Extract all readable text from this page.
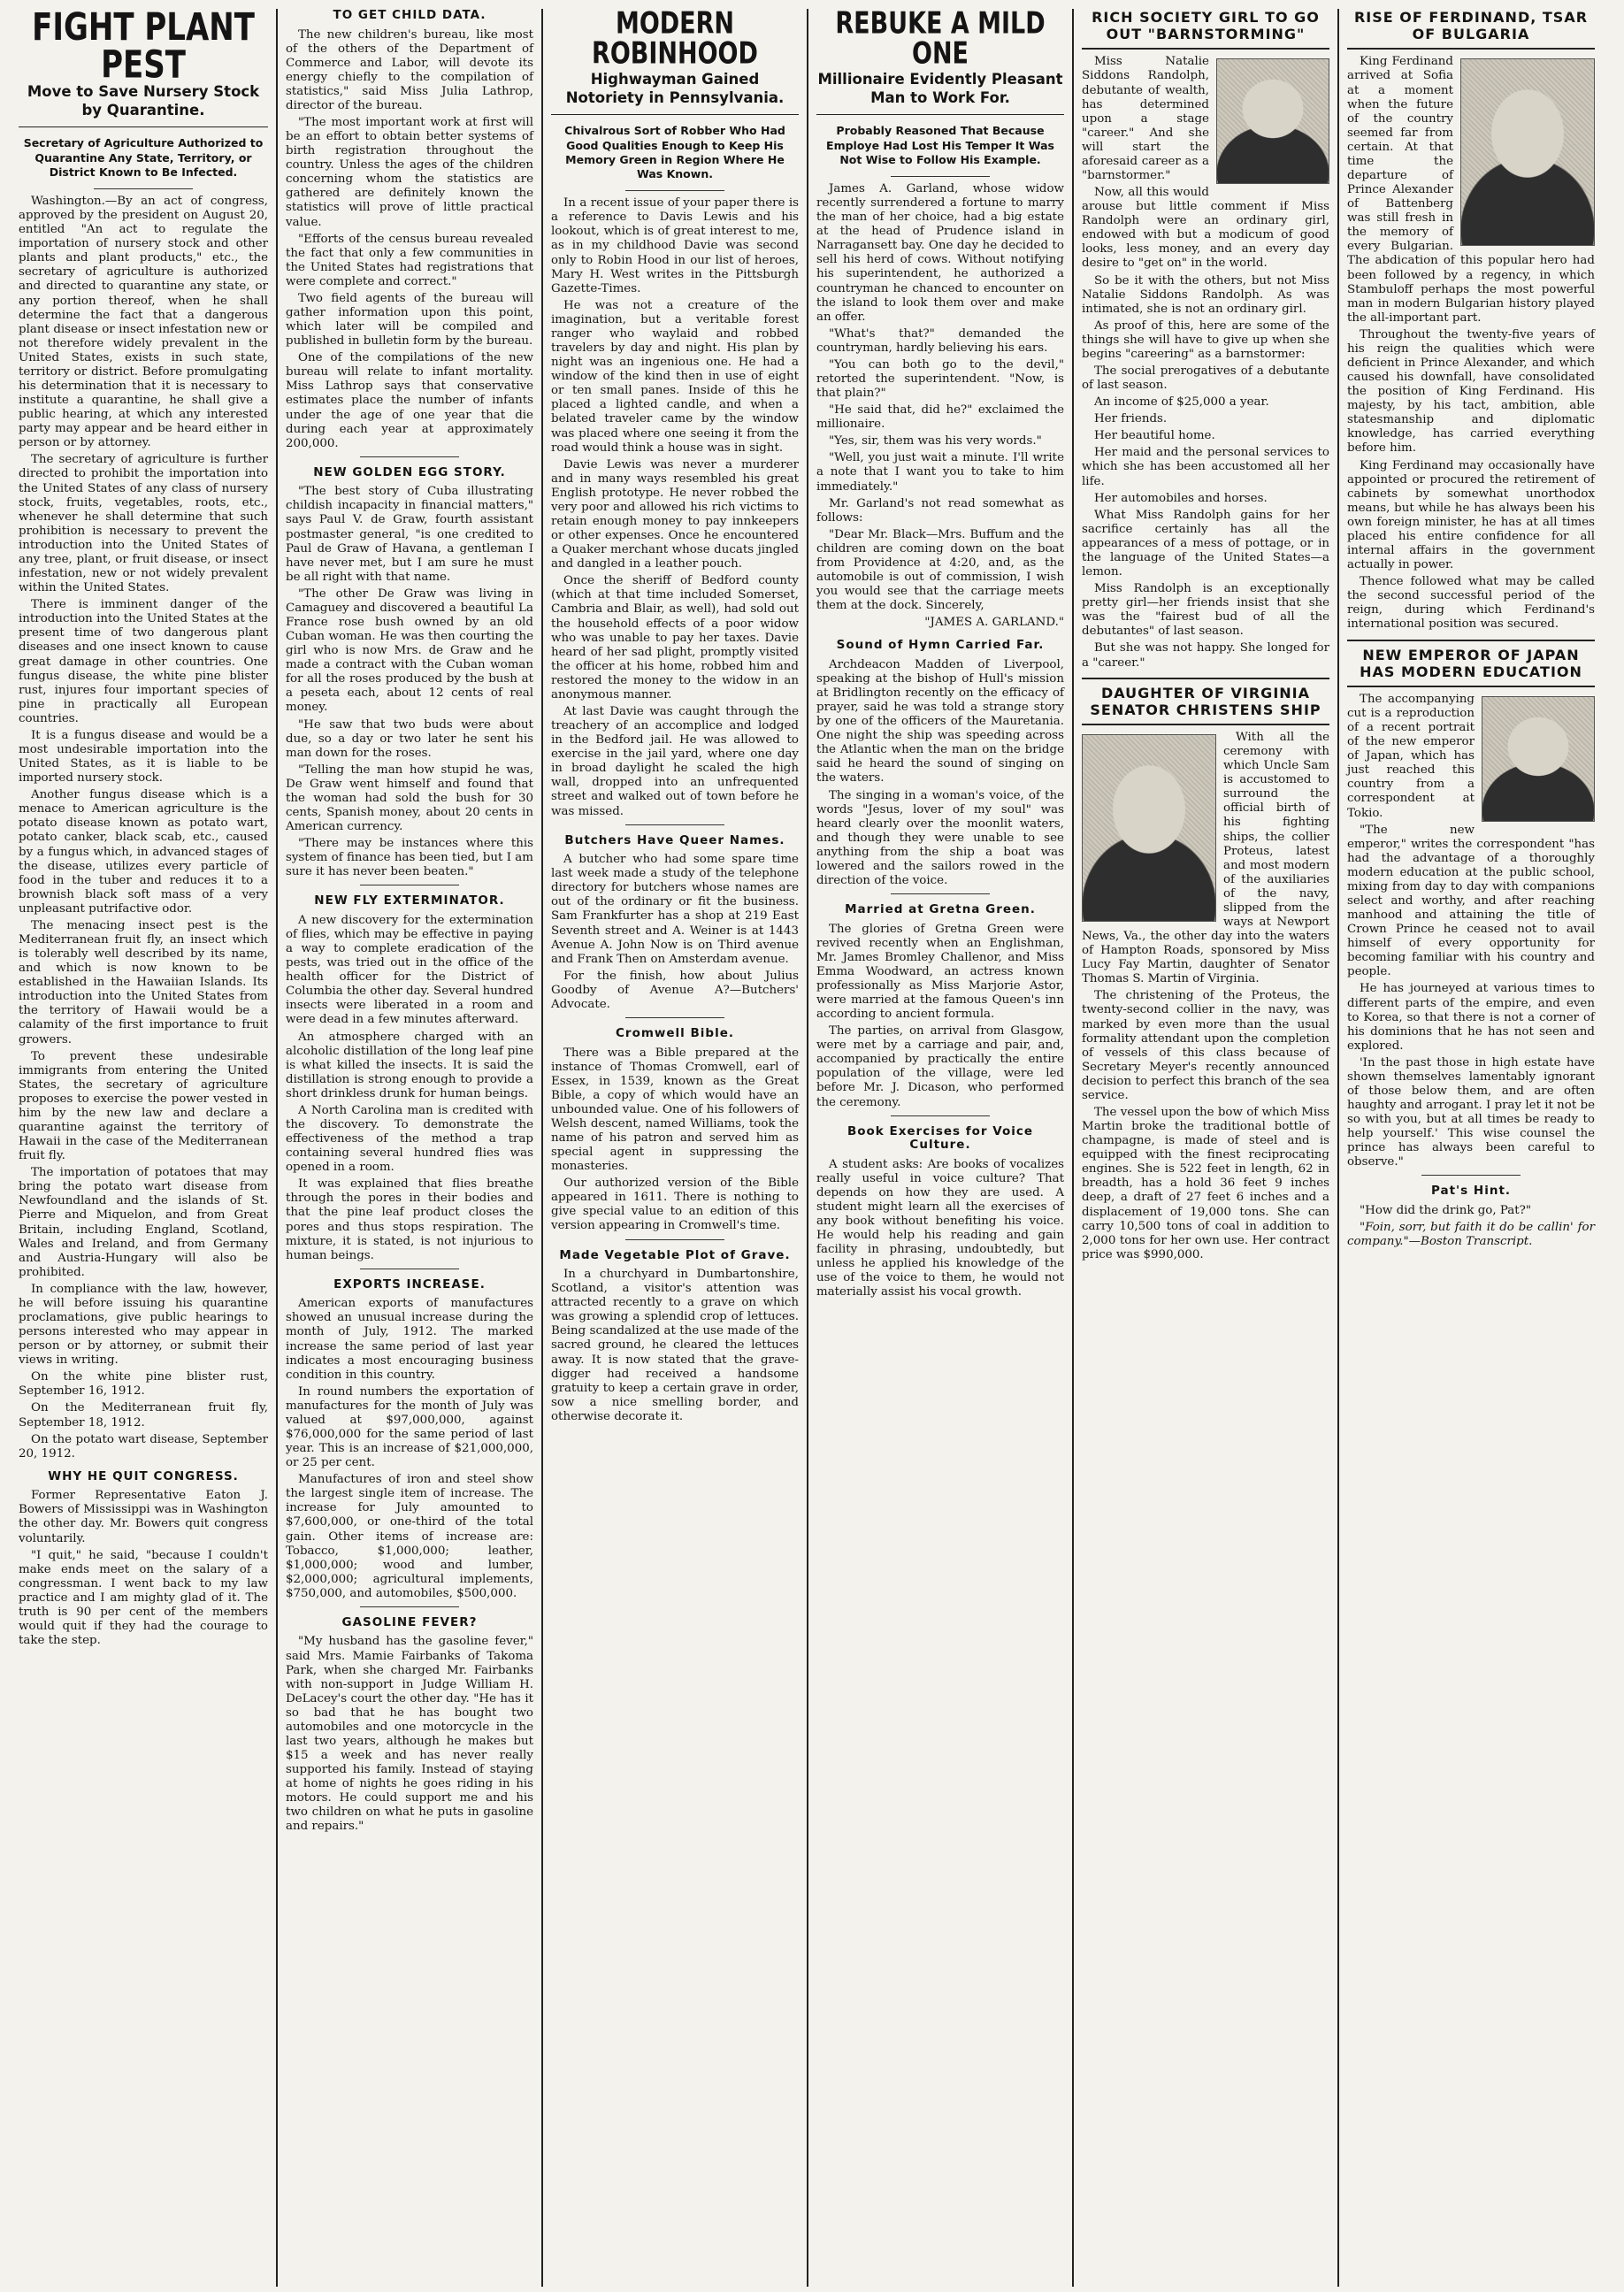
FIGHT PLANT PEST
Move to Save Nursery Stock by Quarantine.
Secretary of Agriculture Authorized to Quarantine Any State, Territory, or District Known to Be Infected.

Washington.—By an act of congress, approved by the president on August 20, entitled "An act to regulate the importation of nursery stock and other plants and plant products," etc., the secretary of agriculture is authorized and directed to quarantine any state, or any portion thereof, when he shall determine the fact that a dangerous plant disease or insect infestation new or not therefore widely prevalent in the United States, exists in such state, territory or district. Before promulgating his determination that it is necessary to institute a quarantine, he shall give a public hearing, at which any interested party may appear and be heard either in person or by attorney.

The secretary of agriculture is further directed to prohibit the importation into the United States of any class of nursery stock, fruits, vegetables, roots, etc., whenever he shall determine that such prohibition is necessary to prevent the introduction into the United States of any tree, plant, or fruit disease, or insect infestation, new or not widely prevalent within the United States.

There is imminent danger of the introduction into the United States at the present time of two dangerous plant diseases and one insect known to cause great damage in other countries. One fungus disease, the white pine blister rust, injures four important species of pine in practically all European countries.

It is a fungus disease and would be a most undesirable importation into the United States, as it is liable to be imported nursery stock.

Another fungus disease which is a menace to American agriculture is the potato disease known as potato wart, potato canker, black scab, etc., caused by a fungus which, in advanced stages of the disease, utilizes every particle of food in the tuber and reduces it to a brownish black soft mass of a very unpleasant putrifactive odor.

The menacing insect pest is the Mediterranean fruit fly, an insect which is tolerably well described by its name, and which is now known to be established in the Hawaiian Islands. Its introduction into the United States from the territory of Hawaii would be a calamity of the first importance to fruit growers.

To prevent these undesirable immigrants from entering the United States, the secretary of agriculture proposes to exercise the power vested in him by the new law and declare a quarantine against the territory of Hawaii in the case of the Mediterranean fruit fly.

The importation of potatoes that may bring the potato wart disease from Newfoundland and the islands of St. Pierre and Miquelon, and from Great Britain, including England, Scotland, Wales and Ireland, and from Germany and Austria-Hungary will also be prohibited.

In compliance with the law, however, he will before issuing his quarantine proclamations, give public hearings to persons interested who may appear in person or by attorney, or submit their views in writing.

On the white pine blister rust, September 16, 1912.

On the Mediterranean fruit fly, September 18, 1912.

On the potato wart disease, September 20, 1912.

WHY HE QUIT CONGRESS.

Former Representative Eaton J. Bowers of Mississippi was in Washington the other day. Mr. Bowers quit congress voluntarily.

"I quit," he said, "because I couldn't make ends meet on the salary of a congressman. I went back to my law practice and I am mighty glad of it. The truth is 90 per cent of the members would quit if they had the courage to take the step.

TO GET CHILD DATA.

The new children's bureau, like most of the others of the Department of Commerce and Labor, will devote its energy chiefly to the compilation of statistics," said Miss Julia Lathrop, director of the bureau.

"The most important work at first will be an effort to obtain better systems of birth registration throughout the country. Unless the ages of the children concerning whom the statistics are gathered are definitely known the statistics will prove of little practical value.

"Efforts of the census bureau revealed the fact that only a few communities in the United States had registrations that were complete and correct."

Two field agents of the bureau will gather information upon this point, which later will be compiled and published in bulletin form by the bureau.

One of the compilations of the new bureau will relate to infant mortality. Miss Lathrop says that conservative estimates place the number of infants under the age of one year that die during each year at approximately 200,000.

NEW GOLDEN EGG STORY.

"The best story of Cuba illustrating childish incapacity in financial matters," says Paul V. de Graw, fourth assistant postmaster general, "is one credited to Paul de Graw of Havana, a gentleman I have never met, but I am sure he must be all right with that name.

"The other De Graw was living in Camaguey and discovered a beautiful La France rose bush owned by an old Cuban woman. He was then courting the girl who is now Mrs. de Graw and he made a contract with the Cuban woman for all the roses produced by the bush at a peseta each, about 12 cents of real money.

"He saw that two buds were about due, so a day or two later he sent his man down for the roses.

"Telling the man how stupid he was, De Graw went himself and found that the woman had sold the bush for 30 cents, Spanish money, about 20 cents in American currency.

"There may be instances where this system of finance has been tied, but I am sure it has never been beaten."

NEW FLY EXTERMINATOR.

A new discovery for the extermination of flies, which may be effective in paying a way to complete eradication of the pests, was tried out in the office of the health officer for the District of Columbia the other day. Several hundred insects were liberated in a room and were dead in a few minutes afterward.

An atmosphere charged with an alcoholic distillation of the long leaf pine is what killed the insects. It is said the distillation is strong enough to provide a short drinkless drunk for human beings.

A North Carolina man is credited with the discovery. To demonstrate the effectiveness of the method a trap containing several hundred flies was opened in a room.

It was explained that flies breathe through the pores in their bodies and that the pine leaf product closes the pores and thus stops respiration. The mixture, it is stated, is not injurious to human beings.

EXPORTS INCREASE.

American exports of manufactures showed an unusual increase during the month of July, 1912. The marked increase the same period of last year indicates a most encouraging business condition in this country.

In round numbers the exportation of manufactures for the month of July was valued at $97,000,000, against $76,000,000 for the same period of last year. This is an increase of $21,000,000, or 25 per cent.

Manufactures of iron and steel show the largest single item of increase. The increase for July amounted to $7,600,000, or one-third of the total gain. Other items of increase are: Tobacco, $1,000,000; leather, $1,000,000; wood and lumber, $2,000,000; agricultural implements, $750,000, and automobiles, $500,000.

GASOLINE FEVER?

"My husband has the gasoline fever," said Mrs. Mamie Fairbanks of Takoma Park, when she charged Mr. Fairbanks with non-support in Judge William H. DeLacey's court the other day. "He has it so bad that he has bought two automobiles and one motorcycle in the last two years, although he makes but $15 a week and has never really supported his family. Instead of staying at home of nights he goes riding in his motors. He could support me and his two children on what he puts in gasoline and repairs."

MODERN ROBINHOOD
Highwayman Gained Notoriety in Pennsylvania.
Chivalrous Sort of Robber Who Had Good Qualities Enough to Keep His Memory Green in Region Where He Was Known.

In a recent issue of your paper there is a reference to Davis Lewis and his lookout, which is of great interest to me, as in my childhood Davie was second only to Robin Hood in our list of heroes, Mary H. West writes in the Pittsburgh Gazette-Times.

He was not a creature of the imagination, but a veritable forest ranger who waylaid and robbed travelers by day and night. His plan by night was an ingenious one. He had a window of the kind then in use of eight or ten small panes. Inside of this he placed a lighted candle, and when a belated traveler came by the window was placed where one seeing it from the road would think a house was in sight.

Davie Lewis was never a murderer and in many ways resembled his great English prototype. He never robbed the very poor and allowed his rich victims to retain enough money to pay innkeepers or other expenses. Once he encountered a Quaker merchant whose ducats jingled and dangled in a leather pouch.

Once the sheriff of Bedford county (which at that time included Somerset, Cambria and Blair, as well), had sold out the household effects of a poor widow who was unable to pay her taxes. Davie heard of her sad plight, promptly visited the officer at his home, robbed him and restored the money to the widow in an anonymous manner.

At last Davie was caught through the treachery of an accomplice and lodged in the Bedford jail. He was allowed to exercise in the jail yard, where one day in broad daylight he scaled the high wall, dropped into an unfrequented street and walked out of town before he was missed.

Butchers Have Queer Names.

A butcher who had some spare time last week made a study of the telephone directory for butchers whose names are out of the ordinary or fit the business. Sam Frankfurter has a shop at 219 East Seventh street and A. Weiner is at 1443 Avenue A. John Now is on Third avenue and Frank Then on Amsterdam avenue.

For the finish, how about Julius Goodby of Avenue A?—Butchers' Advocate.

Cromwell Bible.

There was a Bible prepared at the instance of Thomas Cromwell, earl of Essex, in 1539, known as the Great Bible, a copy of which would have an unbounded value. One of his followers of Welsh descent, named Williams, took the name of his patron and served him as special agent in suppressing the monasteries.

Our authorized version of the Bible appeared in 1611. There is nothing to give special value to an edition of this version appearing in Cromwell's time.

Made Vegetable Plot of Grave.

In a churchyard in Dumbartonshire, Scotland, a visitor's attention was attracted recently to a grave on which was growing a splendid crop of lettuces. Being scandalized at the use made of the sacred ground, he cleared the lettuces away. It is now stated that the grave-digger had received a handsome gratuity to keep a certain grave in order, sow a nice smelling border, and otherwise decorate it.

REBUKE A MILD ONE
Millionaire Evidently Pleasant Man to Work For.
Probably Reasoned That Because Employe Had Lost His Temper It Was Not Wise to Follow His Example.

James A. Garland, whose widow recently surrendered a fortune to marry the man of her choice, had a big estate at the head of Prudence island in Narragansett bay. One day he decided to sell his herd of cows. Without notifying his superintendent, he authorized a countryman he chanced to encounter on the island to look them over and make an offer.

"What's that?" demanded the countryman, hardly believing his ears.

"You can both go to the devil," retorted the superintendent. "Now, is that plain?"

"He said that, did he?" exclaimed the millionaire.

"Yes, sir, them was his very words."

"Well, you just wait a minute. I'll write a note that I want you to take to him immediately."

Mr. Garland's not read somewhat as follows:

"Dear Mr. Black—Mrs. Buffum and the children are coming down on the boat from Providence at 4:20, and, as the automobile is out of commission, I wish you would see that the carriage meets them at the dock. Sincerely,

"JAMES A. GARLAND."
Sound of Hymn Carried Far.

Archdeacon Madden of Liverpool, speaking at the bishop of Hull's mission at Bridlington recently on the efficacy of prayer, said he was told a strange story by one of the officers of the Mauretania. One night the ship was speeding across the Atlantic when the man on the bridge said he heard the sound of singing on the waters.

The singing in a woman's voice, of the words "Jesus, lover of my soul" was heard clearly over the moonlit waters, and though they were unable to see anything from the ship a boat was lowered and the sailors rowed in the direction of the voice.

Married at Gretna Green.

The glories of Gretna Green were revived recently when an Englishman, Mr. James Bromley Challenor, and Miss Emma Woodward, an actress known professionally as Miss Marjorie Astor, were married at the famous Queen's inn according to ancient formula.

The parties, on arrival from Glasgow, were met by a carriage and pair, and, accompanied by practically the entire population of the village, were led before Mr. J. Dicason, who performed the ceremony.

Book Exercises for Voice Culture.

A student asks: Are books of vocalizes really useful in voice culture? That depends on how they are used. A student might learn all the exercises of any book without benefiting his voice. He would help his reading and gain facility in phrasing, undoubtedly, but unless he applied his knowledge of the use of the voice to them, he would not materially assist his vocal growth.

RICH SOCIETY GIRL TO GO OUT "BARNSTORMING"

Miss Natalie Siddons Randolph, debutante of wealth, has determined upon a stage "career." And she will start the aforesaid career as a "barnstormer."

Now, all this would arouse but little comment if Miss Randolph were an ordinary girl, endowed with but a modicum of good looks, less money, and an every day desire to "get on" in the world.

So be it with the others, but not Miss Natalie Siddons Randolph. As was intimated, she is not an ordinary girl.

As proof of this, here are some of the things she will have to give up when she begins "careering" as a barnstormer:

The social prerogatives of a debutante of last season.

An income of $25,000 a year.

Her friends.

Her beautiful home.

Her maid and the personal services to which she has been accustomed all her life.

Her automobiles and horses.

What Miss Randolph gains for her sacrifice certainly has all the appearances of a mess of pottage, or in the language of the United States—a lemon.

Miss Randolph is an exceptionally pretty girl—her friends insist that she was the "fairest bud of all the debutantes" of last season.

But she was not happy. She longed for a "career."

DAUGHTER OF VIRGINIA SENATOR CHRISTENS SHIP

With all the ceremony with which Uncle Sam is accustomed to surround the official birth of his fighting ships, the collier Proteus, latest and most modern of the auxiliaries of the navy, slipped from the ways at Newport News, Va., the other day into the waters of Hampton Roads, sponsored by Miss Lucy Fay Martin, daughter of Senator Thomas S. Martin of Virginia.

The christening of the Proteus, the twenty-second collier in the navy, was marked by even more than the usual formality attendant upon the completion of vessels of this class because of Secretary Meyer's recently announced decision to perfect this branch of the sea service.

The vessel upon the bow of which Miss Martin broke the traditional bottle of champagne, is made of steel and is equipped with the finest reciprocating engines. She is 522 feet in length, 62 in breadth, has a hold 36 feet 9 inches deep, a draft of 27 feet 6 inches and a displacement of 19,000 tons. She can carry 10,500 tons of coal in addition to 2,000 tons for her own use. Her contract price was $990,000.

RISE OF FERDINAND, TSAR OF BULGARIA

King Ferdinand arrived at Sofia at a moment when the future of the country seemed far from certain. At that time the departure of Prince Alexander of Battenberg was still fresh in the memory of every Bulgarian. The abdication of this popular hero had been followed by a regency, in which Stambuloff perhaps the most powerful man in modern Bulgarian history played the all-important part.

Throughout the twenty-five years of his reign the qualities which were deficient in Prince Alexander, and which caused his downfall, have consolidated the position of King Ferdinand. His majesty, by his tact, ambition, able statesmanship and diplomatic knowledge, has carried everything before him.

King Ferdinand may occasionally have appointed or procured the retirement of cabinets by somewhat unorthodox means, but while he has always been his own foreign minister, he has at all times placed his entire confidence for all internal affairs in the government actually in power.

Thence followed what may be called the second successful period of the reign, during which Ferdinand's international position was secured.

NEW EMPEROR OF JAPAN HAS MODERN EDUCATION

The accompanying cut is a reproduction of a recent portrait of the new emperor of Japan, which has just reached this country from a correspondent at Tokio.

"The new emperor," writes the correspondent "has had the advantage of a thoroughly modern education at the public school, mixing from day to day with companions select and worthy, and after reaching manhood and attaining the title of Crown Prince he ceased not to avail himself of every opportunity for becoming familiar with his country and people.

He has journeyed at various times to different parts of the empire, and even to Korea, so that there is not a corner of his dominions that he has not seen and explored.

'In the past those in high estate have shown themselves lamentably ignorant of those below them, and are often haughty and arrogant. I pray let it not be so with you, but at all times be ready to help yourself.' This wise counsel the prince has always been careful to observe."

Pat's Hint.

"How did the drink go, Pat?"

"Foin, sorr, but faith it do be callin' for company."—Boston Transcript.
